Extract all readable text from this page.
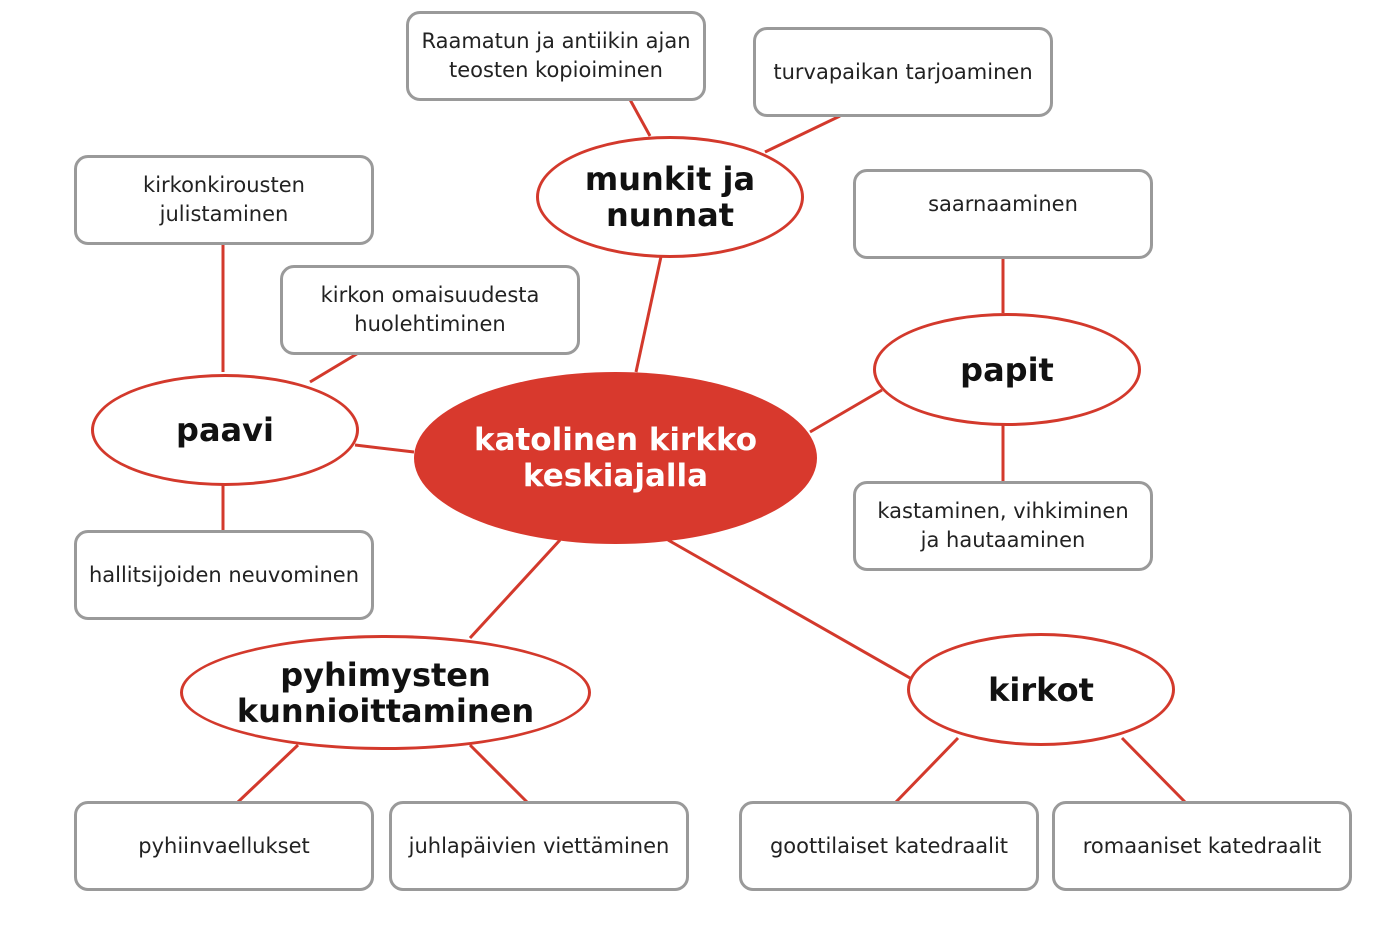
Raamatun ja antiikin ajan
teosten kopioiminen	turvapaikan tarjoaminen
kirkonkirousten
julistaminen
kirkon omaisuudesta
huolehtiminen
saarnaaminen
kastaminen, vihkiminen
ja hautaaminen
hallitsijoiden neuvominen
pyhiinvaellukset	juhlapäivien viettäminen	goottilaiset katedraalit	romaaniset katedraalit
munkit ja
nunnat
paavi
papit
kirkot
pyhimysten
kunnioittaminen
katolinen kirkko
keskiajalla
